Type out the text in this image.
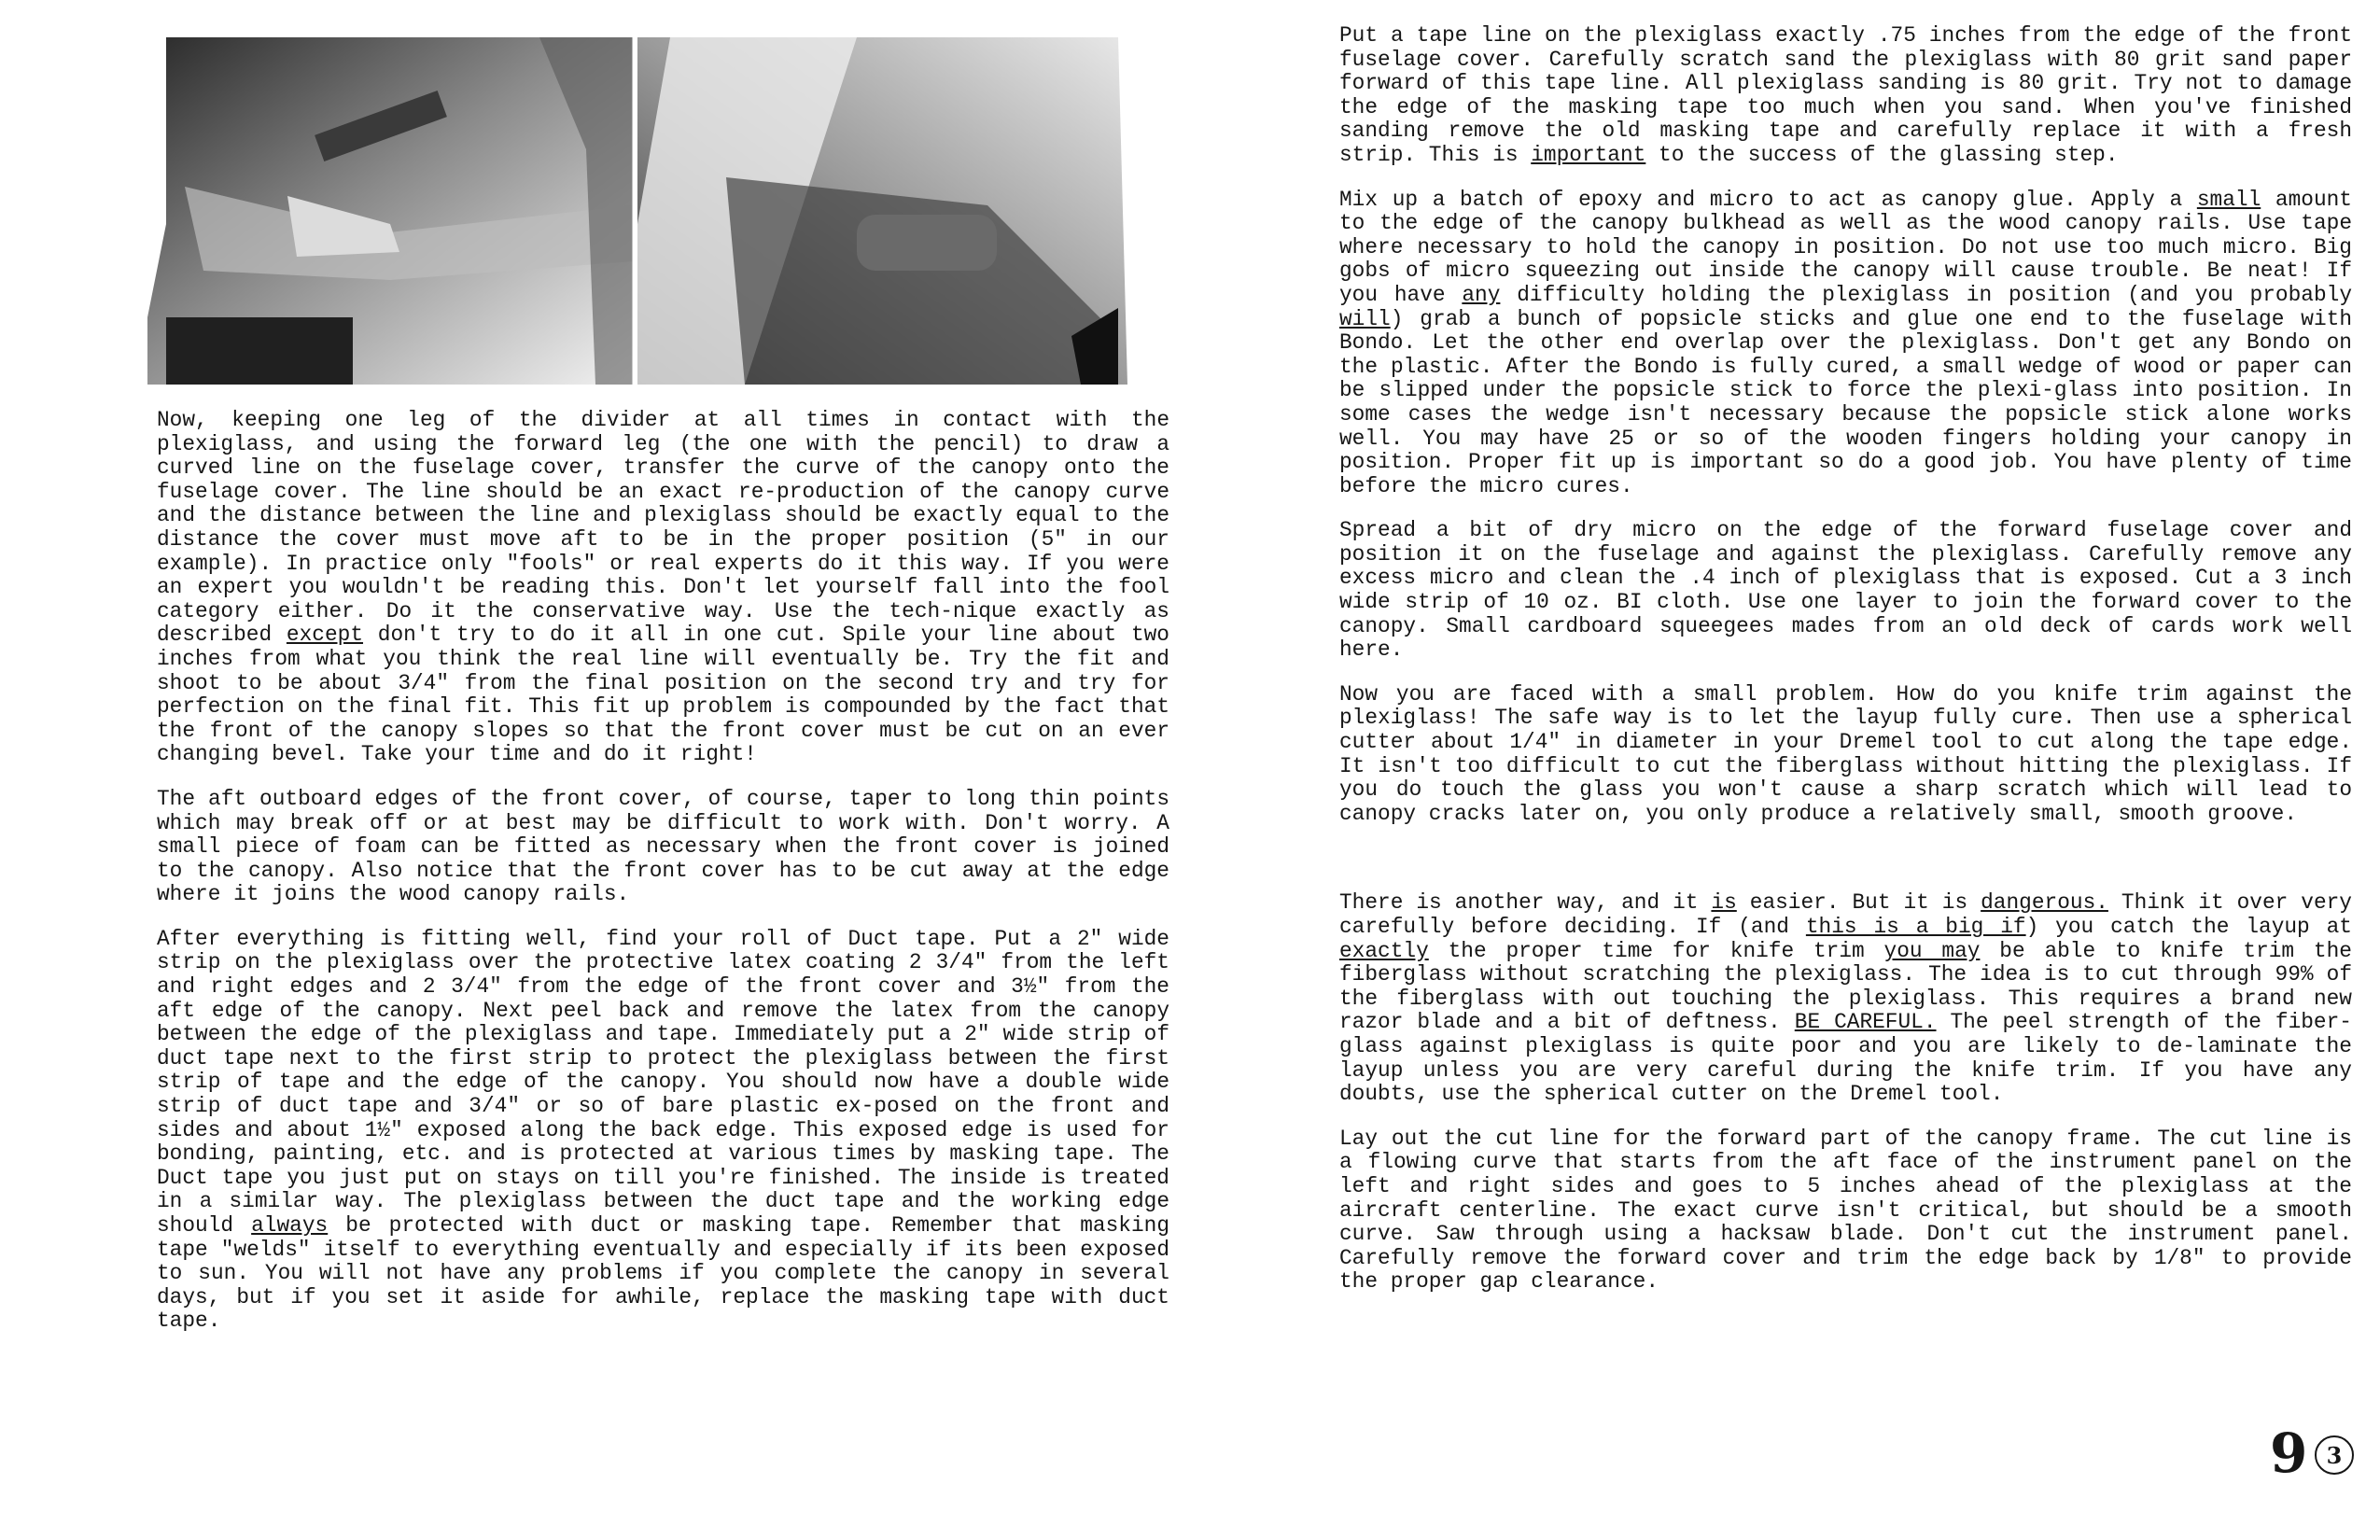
Now, keeping one leg of the divider at all times in contact with the plexiglass, and using the forward leg (the one with the pencil) to draw a curved line on the fuselage cover, transfer the curve of the canopy onto the fuselage cover. The line should be an exact re-production of the canopy curve and the distance between the line and plexiglass should be exactly equal to the distance the cover must move aft to be in the proper position (5" in our example). In practice only "fools" or real experts do it this way. If you were an expert you wouldn't be reading this. Don't let yourself fall into the fool category either. Do it the conservative way. Use the tech-nique exactly as described except don't try to do it all in one cut. Spile your line about two inches from what you think the real line will eventually be. Try the fit and shoot to be about 3/4" from the final position on the second try and try for perfection on the final fit. This fit up problem is compounded by the fact that the front of the canopy slopes so that the front cover must be cut on an ever changing bevel. Take your time and do it right!

The aft outboard edges of the front cover, of course, taper to long thin points which may break off or at best may be difficult to work with. Don't worry. A small piece of foam can be fitted as necessary when the front cover is joined to the canopy. Also notice that the front cover has to be cut away at the edge where it joins the wood canopy rails.

After everything is fitting well, find your roll of Duct tape. Put a 2" wide strip on the plexiglass over the protective latex coating 2 3/4" from the left and right edges and 2 3/4" from the edge of the front cover and 3½" from the aft edge of the canopy. Next peel back and remove the latex from the canopy between the edge of the plexiglass and tape. Immediately put a 2" wide strip of duct tape next to the first strip to protect the plexiglass between the first strip of tape and the edge of the canopy. You should now have a double wide strip of duct tape and 3/4" or so of bare plastic ex-posed on the front and sides and about 1½" exposed along the back edge. This exposed edge is used for bonding, painting, etc. and is protected at various times by masking tape. The Duct tape you just put on stays on till you're finished. The inside is treated in a similar way. The plexiglass between the duct tape and the working edge should always be protected with duct or masking tape. Remember that masking tape "welds" itself to everything eventually and especially if its been exposed to sun. You will not have any problems if you complete the canopy in several days, but if you set it aside for awhile, replace the masking tape with duct tape.

Put a tape line on the plexiglass exactly .75 inches from the edge of the front fuselage cover. Carefully scratch sand the plexiglass with 80 grit sand paper forward of this tape line. All plexiglass sanding is 80 grit. Try not to damage the edge of the masking tape too much when you sand. When you've finished sanding remove the old masking tape and carefully replace it with a fresh strip. This is important to the success of the glassing step.

Mix up a batch of epoxy and micro to act as canopy glue. Apply a small amount to the edge of the canopy bulkhead as well as the wood canopy rails. Use tape where necessary to hold the canopy in position. Do not use too much micro. Big gobs of micro squeezing out inside the canopy will cause trouble. Be neat! If you have any difficulty holding the plexiglass in position (and you probably will) grab a bunch of popsicle sticks and glue one end to the fuselage with Bondo. Let the other end overlap over the plexiglass. Don't get any Bondo on the plastic. After the Bondo is fully cured, a small wedge of wood or paper can be slipped under the popsicle stick to force the plexi-glass into position. In some cases the wedge isn't necessary because the popsicle stick alone works well. You may have 25 or so of the wooden fingers holding your canopy in position. Proper fit up is important so do a good job. You have plenty of time before the micro cures.

Spread a bit of dry micro on the edge of the forward fuselage cover and position it on the fuselage and against the plexiglass. Carefully remove any excess micro and clean the .4 inch of plexiglass that is exposed. Cut a 3 inch wide strip of 10 oz. BI cloth. Use one layer to join the forward cover to the canopy. Small cardboard squeegees mades from an old deck of cards work well here.

Now you are faced with a small problem. How do you knife trim against the plexiglass! The safe way is to let the layup fully cure. Then use a spherical cutter about 1/4" in diameter in your Dremel tool to cut along the tape edge. It isn't too difficult to cut the fiberglass without hitting the plexiglass. If you do touch the glass you won't cause a sharp scratch which will lead to canopy cracks later on, you only produce a relatively small, smooth groove.

There is another way, and it is easier. But it is dangerous. Think it over very carefully before deciding. If (and this is a big if) you catch the layup at exactly the proper time for knife trim you may be able to knife trim the fiberglass without scratching the plexiglass. The idea is to cut through 99% of the fiberglass with out touching the plexiglass. This requires a brand new razor blade and a bit of deftness. BE CAREFUL. The peel strength of the fiber-glass against plexiglass is quite poor and you are likely to de-laminate the layup unless you are very careful during the knife trim. If you have any doubts, use the spherical cutter on the Dremel tool.

Lay out the cut line for the forward part of the canopy frame. The cut line is a flowing curve that starts from the aft face of the instrument panel on the left and right sides and goes to 5 inches ahead of the plexiglass at the aircraft centerline. The exact curve isn't critical, but should be a smooth curve. Saw through using a hacksaw blade. Don't cut the instrument panel. Carefully remove the forward cover and trim the edge back by 1/8" to provide the proper gap clearance.

9 3
